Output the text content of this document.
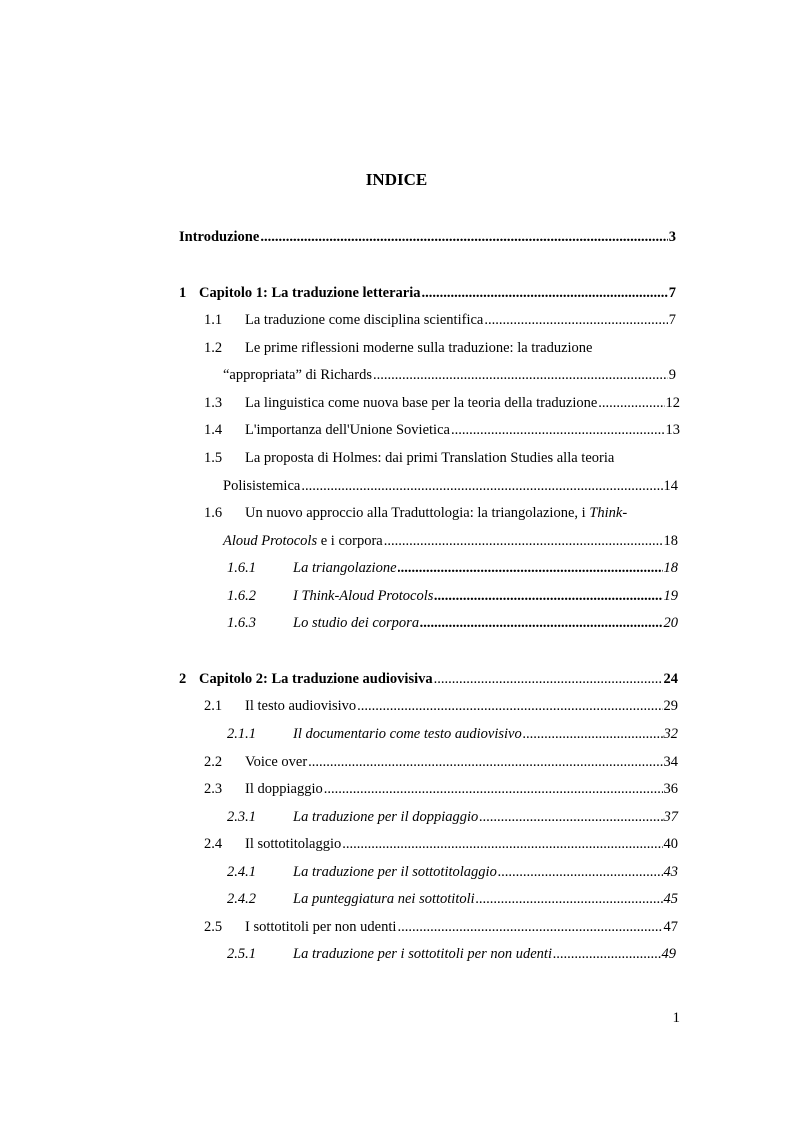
INDICE
Introduzione .....	3
1 Capitolo 1: La traduzione letteraria .....	7
1.1	La traduzione come disciplina scientifica .....	7
1.2	Le prime riflessioni moderne sulla traduzione: la traduzione
“appropriata” di Richards .....	9
1.3	La linguistica come nuova base per la teoria della traduzione .....	12
1.4	L'importanza dell'Unione Sovietica .....	13
1.5	La proposta di Holmes: dai primi Translation Studies alla teoria
Polisistemica .....	14
1.6	Un nuovo approccio alla Traduttologia: la triangolazione, i Think-
Aloud Protocols e i corpora .....	18
1.6.1	La triangolazione .....	18
1.6.2	I Think-Aloud Protocols .....	19
1.6.3	Lo studio dei corpora .....	20
2 Capitolo 2: La traduzione audiovisiva .....	24
2.1	Il testo audiovisivo .....	29
2.1.1	Il documentario come testo audiovisivo .....	32
2.2	Voice over .....	34
2.3	Il doppiaggio .....	36
2.3.1	La traduzione per il doppiaggio .....	37
2.4	Il sottotitolaggio .....	40
2.4.1	La traduzione per il sottotitolaggio .....	43
2.4.2	La punteggiatura nei sottotitoli .....	45
2.5	I sottotitoli per non udenti .....	47
2.5.1	La traduzione per i sottotitoli per non udenti .....	49
1
